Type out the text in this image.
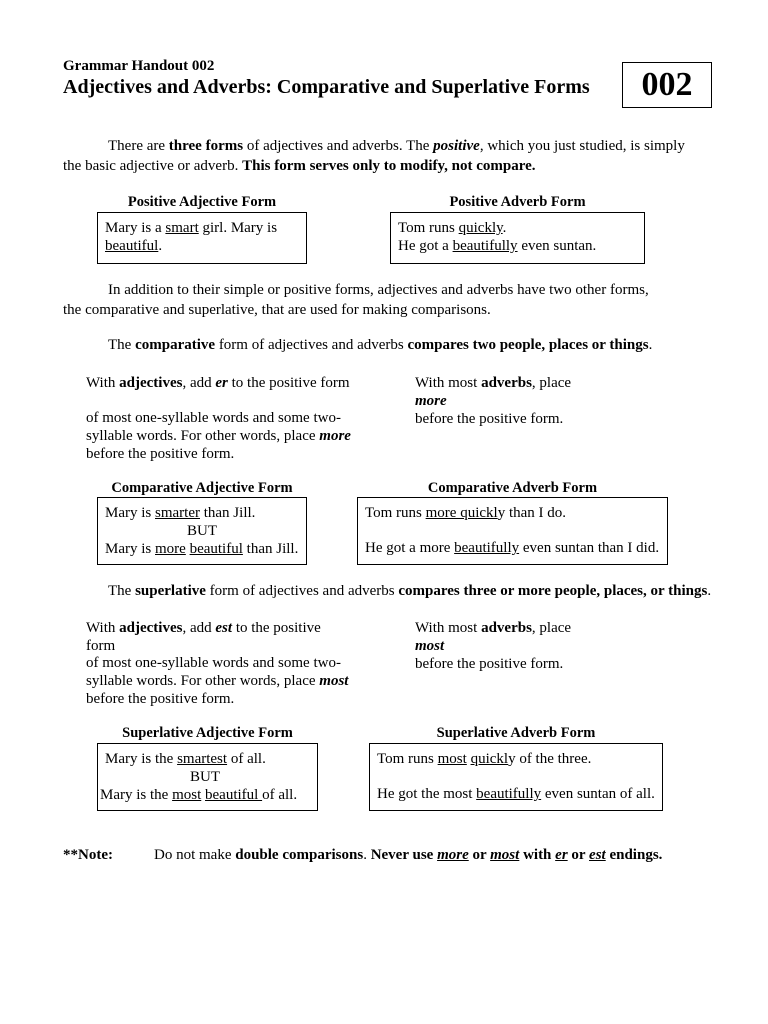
Grammar Handout 002
Adjectives and Adverbs: Comparative and Superlative Forms	002

There are three forms of adjectives and adverbs. The positive, which you just studied, is simply the basic adjective or adverb. This form serves only to modify, not compare.

Positive Adjective Form
Mary is a smart girl. Mary is beautiful.
Positive Adverb Form
Tom runs quickly.
He got a beautifully even suntan.

In addition to their simple or positive forms, adjectives and adverbs have two other forms, the comparative and superlative, that are used for making comparisons.

The comparative form of adjectives and adverbs compares two people, places or things.

With adjectives, add er to the positive form
of most one-syllable words and some two-syllable words. For other words, place more
before the positive form.
With most adverbs, place
more
before the positive form.
Comparative Adjective Form
Mary is smarter than Jill.
BUT
Mary is more beautiful than Jill.
Comparative Adverb Form
Tom runs more quickly than I do.
He got a more beautifully even suntan than I did.

The superlative form of adjectives and adverbs compares three or more people, places, or things.

With adjectives, add est to the positive form
of most one-syllable words and some two-syllable words. For other words, place most
before the positive form.
With most adverbs, place
most
before the positive form.
Superlative Adjective Form
Mary is the smartest of all.
BUT
Mary is the most beautiful of all.
Superlative Adverb Form
Tom runs most quickly of the three.
He got the most beautifully even suntan of all.
**Note:	Do not make double comparisons. Never use more or most with er or est endings.
